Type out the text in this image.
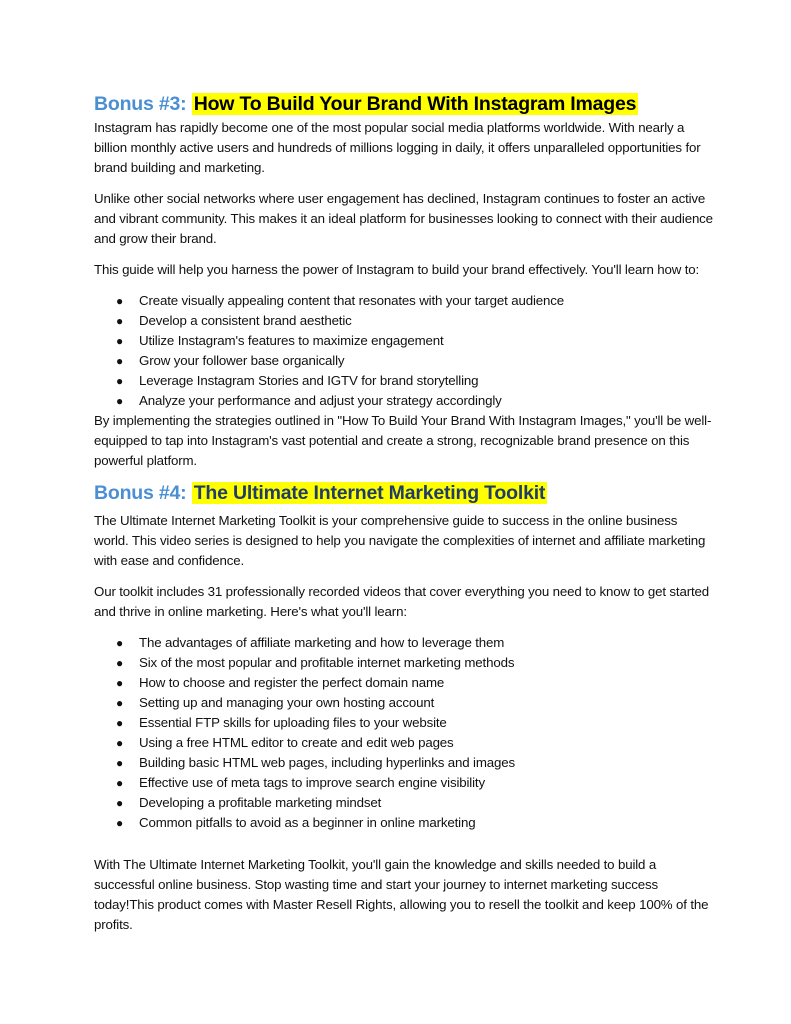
Bonus #3: How To Build Your Brand With Instagram Images

Instagram has rapidly become one of the most popular social media platforms worldwide. With nearly a billion monthly active users and hundreds of millions logging in daily, it offers unparalleled opportunities for brand building and marketing.

Unlike other social networks where user engagement has declined, Instagram continues to foster an active and vibrant community. This makes it an ideal platform for businesses looking to connect with their audience and grow their brand.

This guide will help you harness the power of Instagram to build your brand effectively. You'll learn how to:

● Create visually appealing content that resonates with your target audience
● Develop a consistent brand aesthetic
● Utilize Instagram's features to maximize engagement
● Grow your follower base organically
● Leverage Instagram Stories and IGTV for brand storytelling
● Analyze your performance and adjust your strategy accordingly

By implementing the strategies outlined in "How To Build Your Brand With Instagram Images," you'll be well-equipped to tap into Instagram's vast potential and create a strong, recognizable brand presence on this powerful platform.

Bonus #4: The Ultimate Internet Marketing Toolkit

The Ultimate Internet Marketing Toolkit is your comprehensive guide to success in the online business world. This video series is designed to help you navigate the complexities of internet and affiliate marketing with ease and confidence.

Our toolkit includes 31 professionally recorded videos that cover everything you need to know to get started and thrive in online marketing. Here's what you'll learn:

● The advantages of affiliate marketing and how to leverage them
● Six of the most popular and profitable internet marketing methods
● How to choose and register the perfect domain name
● Setting up and managing your own hosting account
● Essential FTP skills for uploading files to your website
● Using a free HTML editor to create and edit web pages
● Building basic HTML web pages, including hyperlinks and images
● Effective use of meta tags to improve search engine visibility
● Developing a profitable marketing mindset
● Common pitfalls to avoid as a beginner in online marketing

With The Ultimate Internet Marketing Toolkit, you'll gain the knowledge and skills needed to build a successful online business. Stop wasting time and start your journey to internet marketing success today!This product comes with Master Resell Rights, allowing you to resell the toolkit and keep 100% of the profits.
